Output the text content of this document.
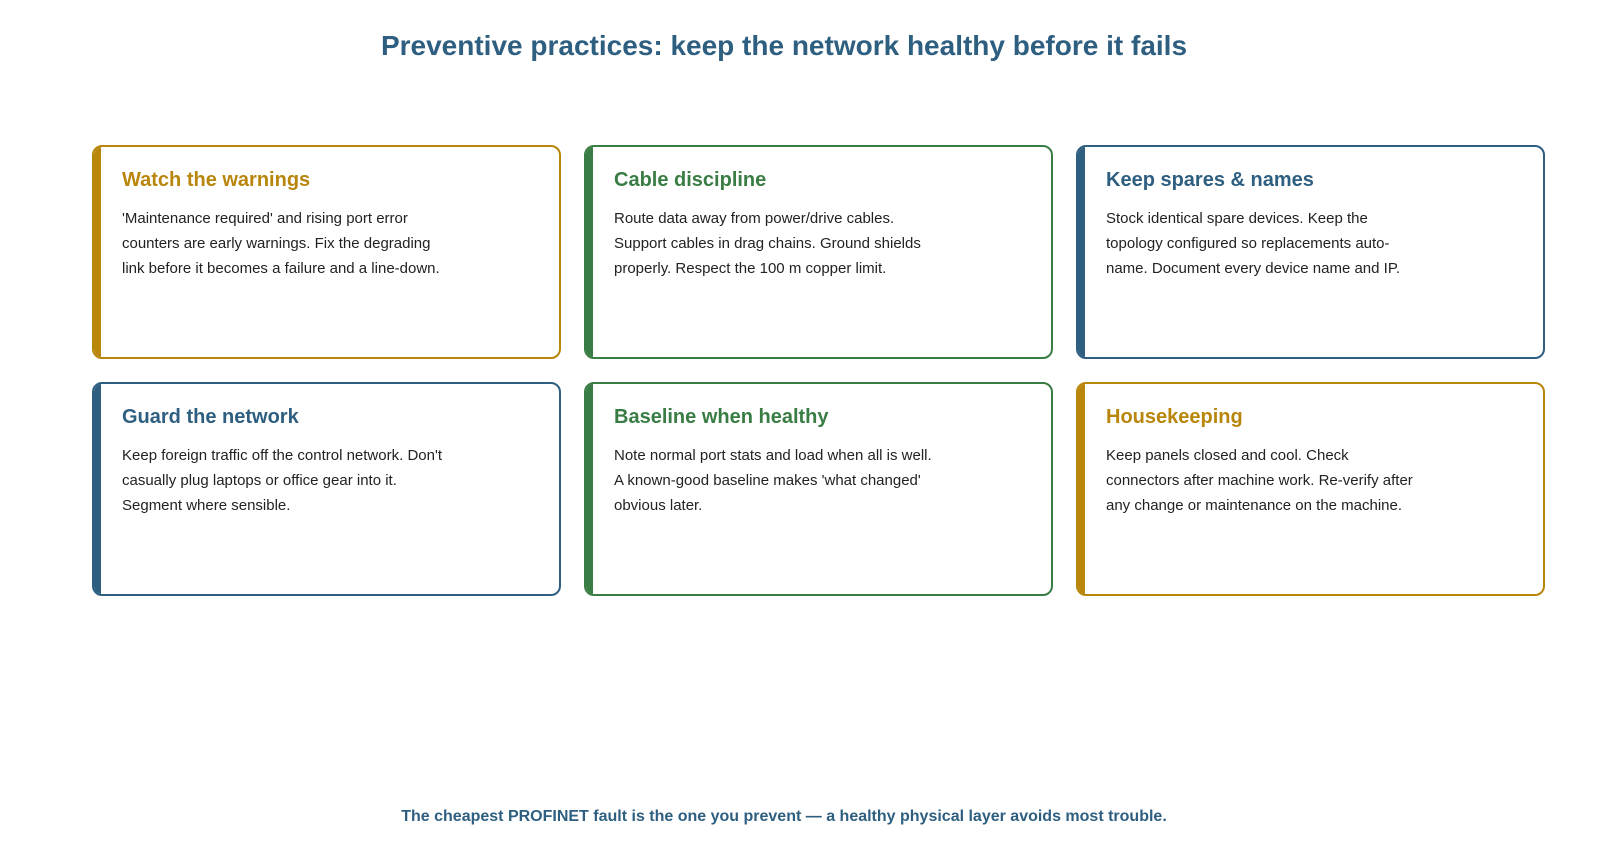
Preventive practices: keep the network healthy before it fails
Watch the warnings

'Maintenance required' and rising port error counters are early warnings. Fix the degrading link before it becomes a failure and a line-down.

Cable discipline

Route data away from power/drive cables. Support cables in drag chains. Ground shields properly. Respect the 100 m copper limit.

Keep spares & names

Stock identical spare devices. Keep the topology configured so replacements auto-name. Document every device name and IP.

Guard the network

Keep foreign traffic off the control network. Don't casually plug laptops or office gear into it. Segment where sensible.

Baseline when healthy

Note normal port stats and load when all is well. A known-good baseline makes 'what changed' obvious later.

Housekeeping

Keep panels closed and cool. Check connectors after machine work. Re-verify after any change or maintenance on the machine.

The cheapest PROFINET fault is the one you prevent — a healthy physical layer avoids most trouble.
